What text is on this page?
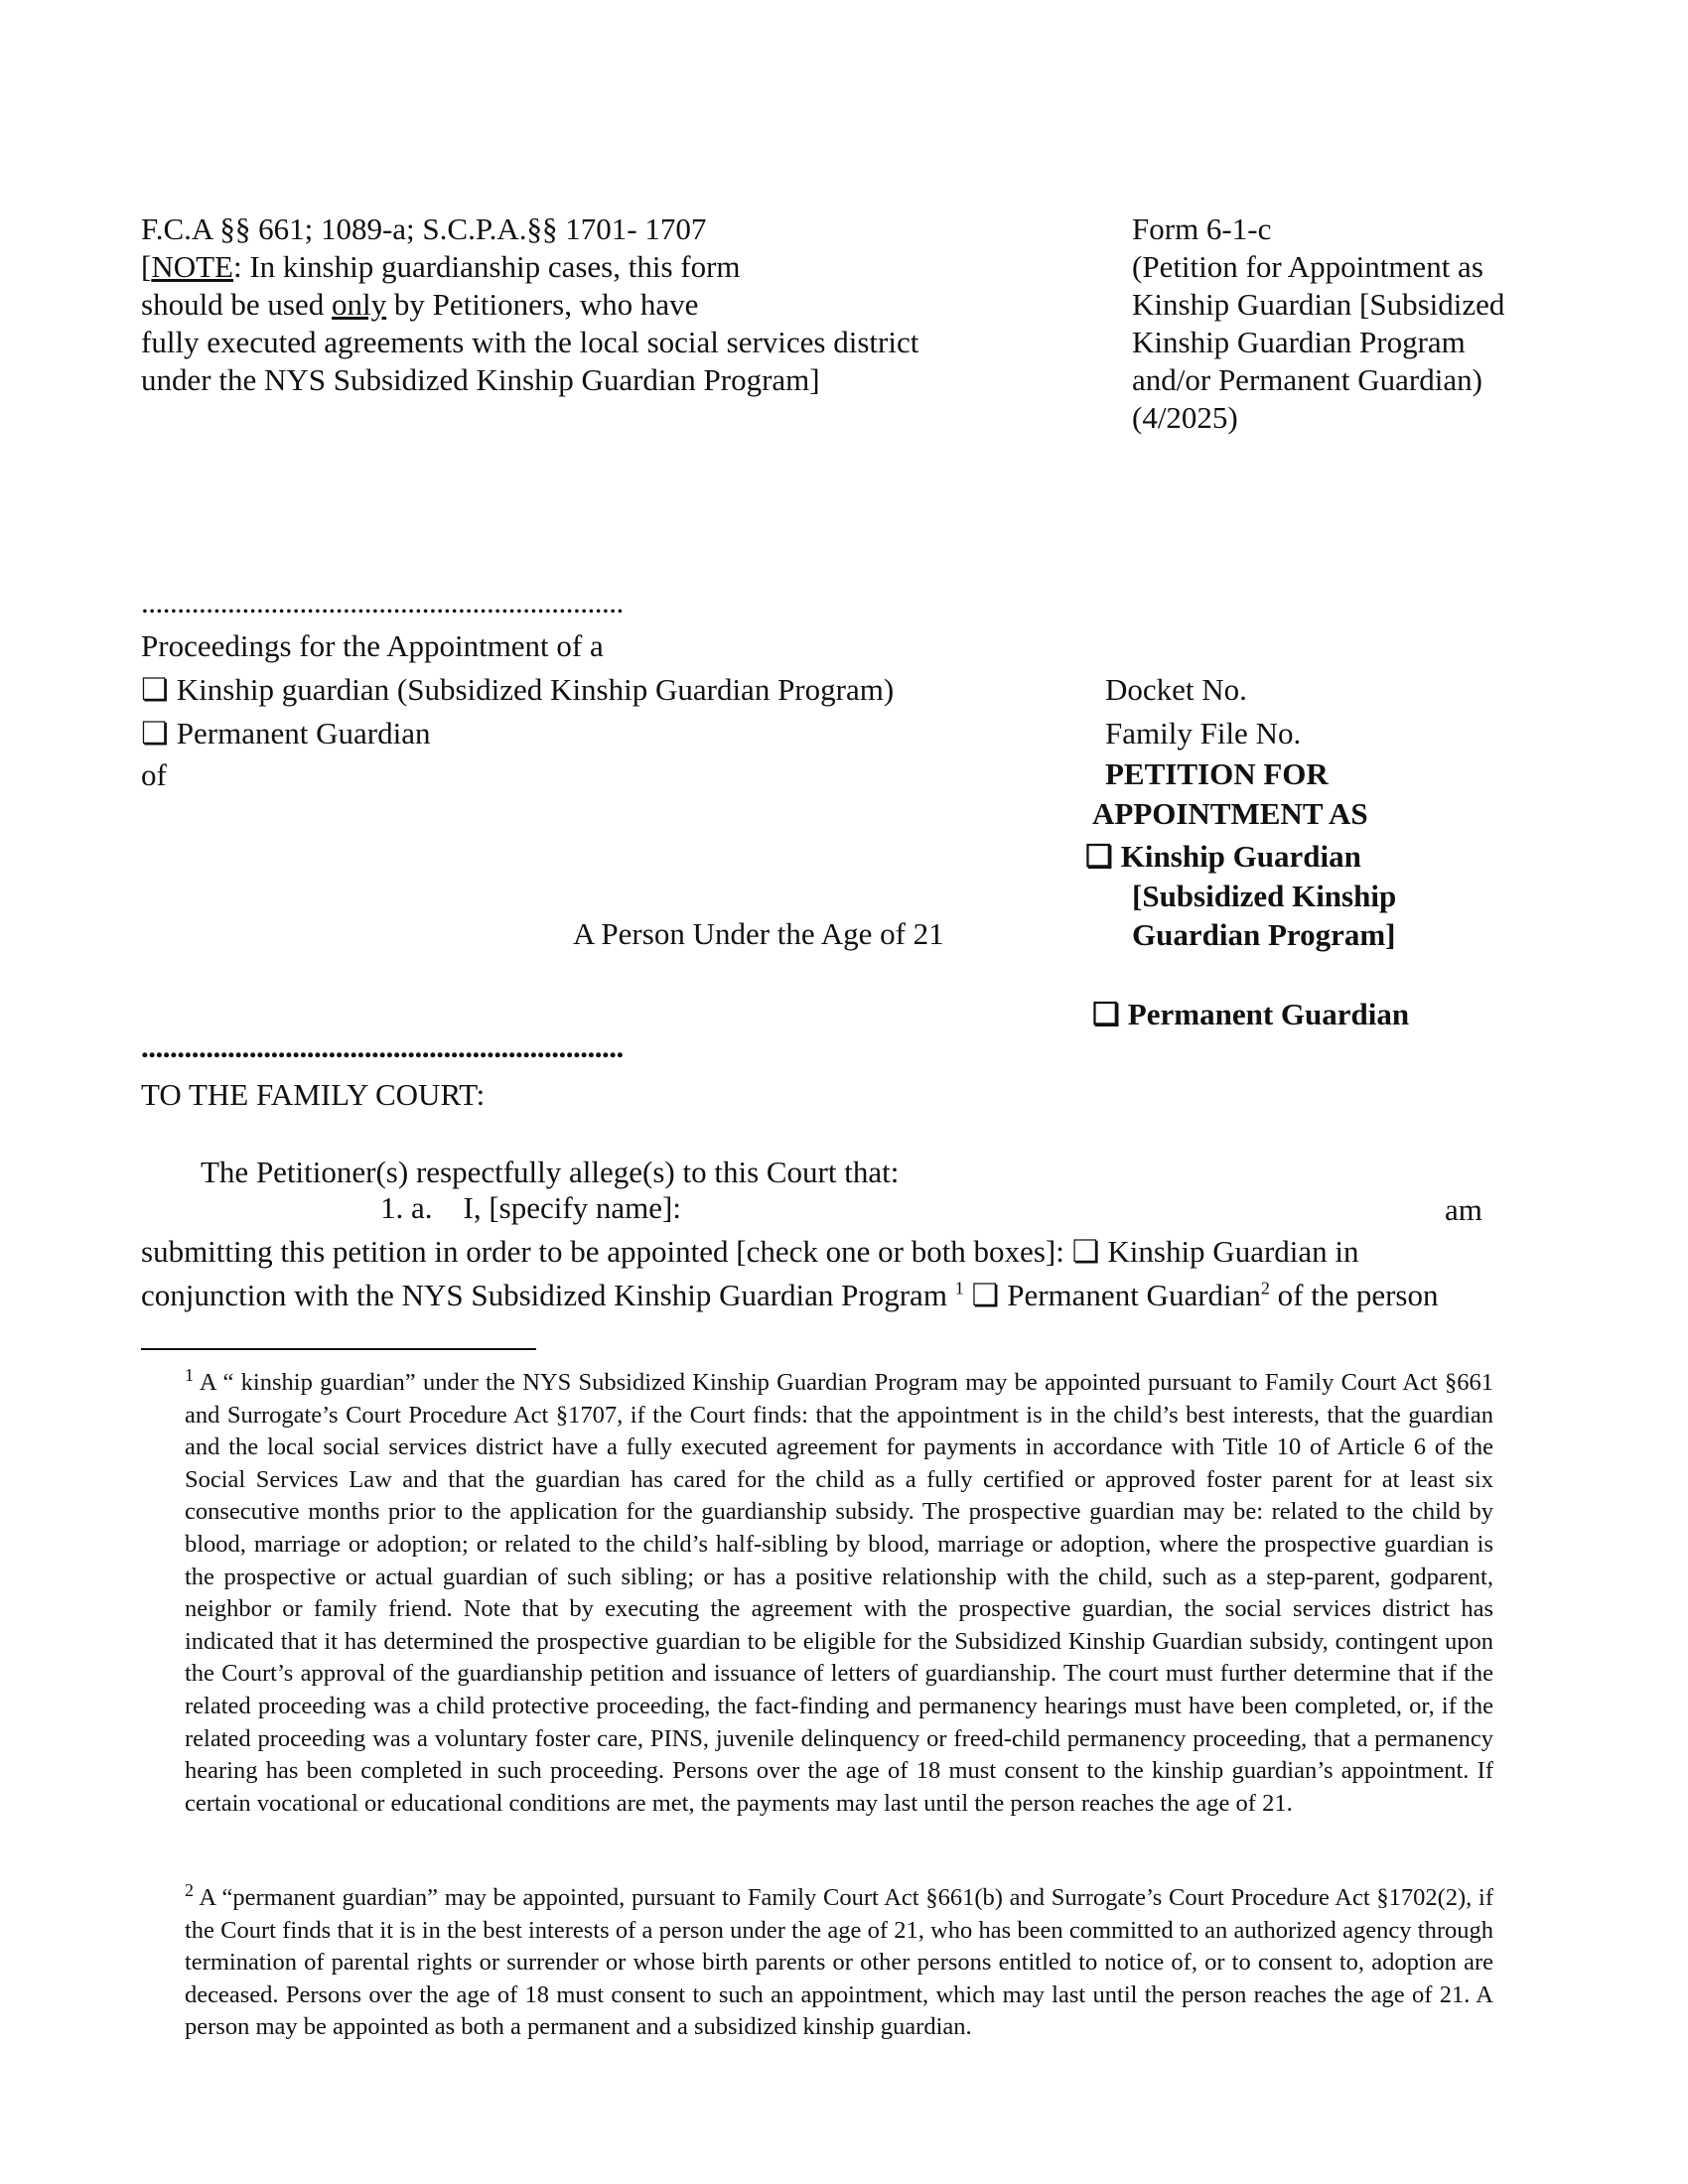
F.C.A §§ 661; 1089-a; S.C.P.A.§§ 1701- 1707
[NOTE: In kinship guardianship cases, this form
should be used only by Petitioners, who have
fully executed agreements with the local social services district
under the NYS Subsidized Kinship Guardian Program]
Form 6-1-c
(Petition for Appointment as
Kinship Guardian [Subsidized
Kinship Guardian Program
and/or Permanent Guardian)
(4/2025)
...................................................................
Proceedings for the Appointment of a
❏ Kinship guardian (Subsidized Kinship Guardian Program)
❏ Permanent Guardian
of
A Person Under the Age of 21
...................................................................
Docket No.
Family File No.
PETITION FOR
APPOINTMENT AS
❏ Kinship Guardian
[Subsidized Kinship
Guardian Program]
❏ Permanent Guardian
TO THE FAMILY COURT:
The Petitioner(s) respectfully allege(s) to this Court that:
1. a.    I, [specify name]:	am
submitting this petition in order to be appointed [check one or both boxes]: ❏ Kinship Guardian in
conjunction with the NYS Subsidized Kinship Guardian Program $^1$ ❏ Permanent Guardian$^2$ of the person
$^1$ A “ kinship guardian” under the NYS Subsidized Kinship Guardian Program may be appointed pursuant to Family Court Act §661 and Surrogate’s Court Procedure Act §1707, if the Court finds: that the appointment is in the child’s best interests, that the guardian and the local social services district have a fully executed agreement for payments in accordance with Title 10 of Article 6 of the Social Services Law and that the guardian has cared for the child as a fully certified or approved foster parent for at least six consecutive months prior to the application for the guardianship subsidy. The prospective guardian may be: related to the child by blood, marriage or adoption; or related to the child’s half-sibling by blood, marriage or adoption, where the prospective guardian is the prospective or actual guardian of such sibling; or has a positive relationship with the child, such as a step-parent, godparent, neighbor or family friend. Note that by executing the agreement with the prospective guardian, the social services district has indicated that it has determined the prospective guardian to be eligible for the Subsidized Kinship Guardian subsidy, contingent upon the Court’s approval of the guardianship petition and issuance of letters of guardianship. The court must further determine that if the related proceeding was a child protective proceeding, the fact-finding and permanency hearings must have been completed, or, if the related proceeding was a voluntary foster care, PINS, juvenile delinquency or freed-child permanency proceeding, that a permanency hearing has been completed in such proceeding. Persons over the age of 18 must consent to the kinship guardian’s appointment. If certain vocational or educational conditions are met, the payments may last until the person reaches the age of 21.
$^2$ A “permanent guardian” may be appointed, pursuant to Family Court Act §661(b) and Surrogate’s Court Procedure Act §1702(2), if the Court finds that it is in the best interests of a person under the age of 21, who has been committed to an authorized agency through termination of parental rights or surrender or whose birth parents or other persons entitled to notice of, or to consent to, adoption are deceased. Persons over the age of 18 must consent to such an appointment, which may last until the person reaches the age of 21. A person may be appointed as both a permanent and a subsidized kinship guardian.
